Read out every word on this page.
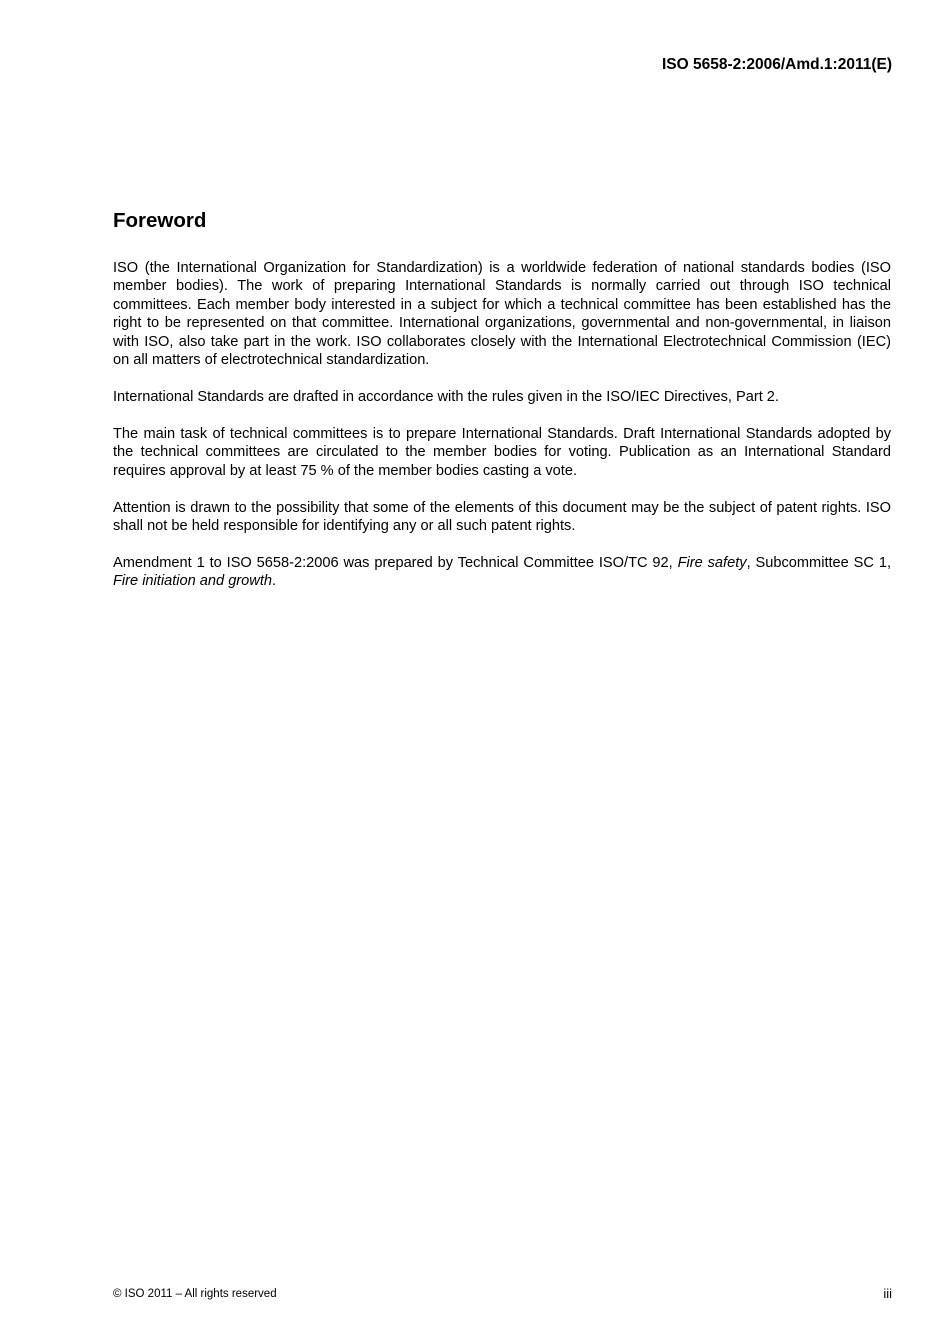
ISO 5658-2:2006/Amd.1:2011(E)
Foreword

ISO (the International Organization for Standardization) is a worldwide federation of national standards bodies (ISO member bodies). The work of preparing International Standards is normally carried out through ISO technical committees. Each member body interested in a subject for which a technical committee has been established has the right to be represented on that committee. International organizations, governmental and non-governmental, in liaison with ISO, also take part in the work. ISO collaborates closely with the International Electrotechnical Commission (IEC) on all matters of electrotechnical standardization.

International Standards are drafted in accordance with the rules given in the ISO/IEC Directives, Part 2.

The main task of technical committees is to prepare International Standards. Draft International Standards adopted by the technical committees are circulated to the member bodies for voting. Publication as an International Standard requires approval by at least 75 % of the member bodies casting a vote.

Attention is drawn to the possibility that some of the elements of this document may be the subject of patent rights. ISO shall not be held responsible for identifying any or all such patent rights.

Amendment 1 to ISO 5658-2:2006 was prepared by Technical Committee ISO/TC 92, Fire safety, Subcommittee SC 1, Fire initiation and growth.

© ISO 2011 – All rights reserved	iii
